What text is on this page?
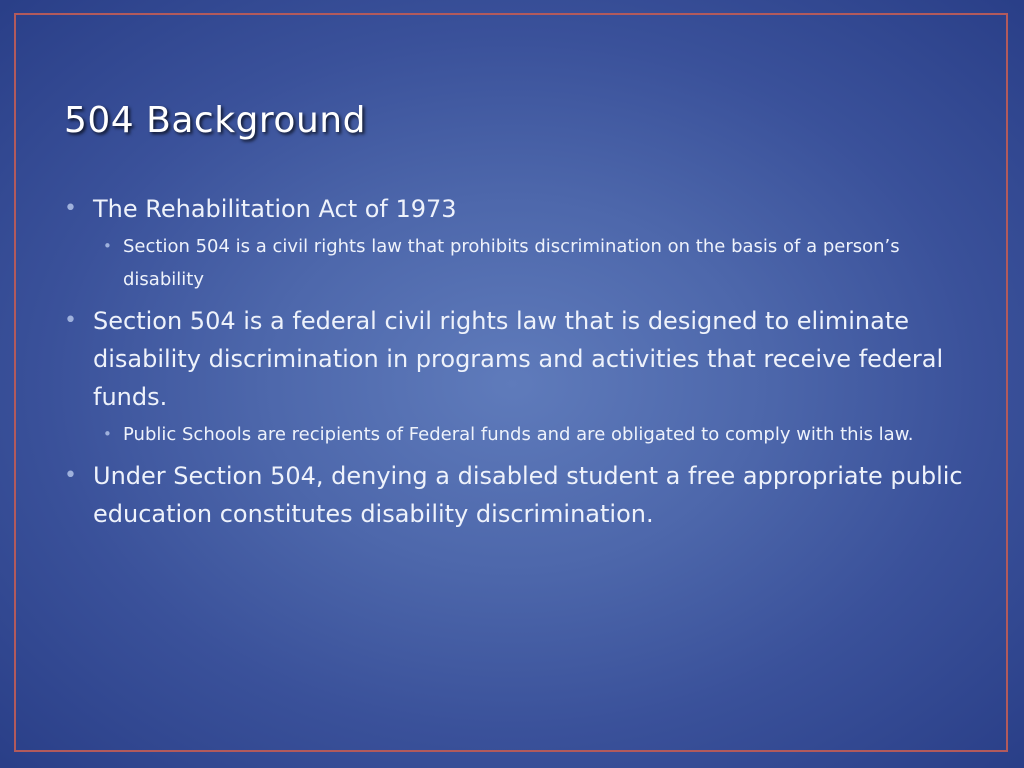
504 Background
• The Rehabilitation Act of 1973
• Section 504 is a civil rights law that prohibits discrimination on the basis of a person’s disability
• Section 504 is a federal civil rights law that is designed to eliminate disability discrimination in programs and activities that receive federal funds.
• Public Schools are recipients of Federal funds and are obligated to comply with this law.
• Under Section 504, denying a disabled student a free appropriate public education constitutes disability discrimination.
